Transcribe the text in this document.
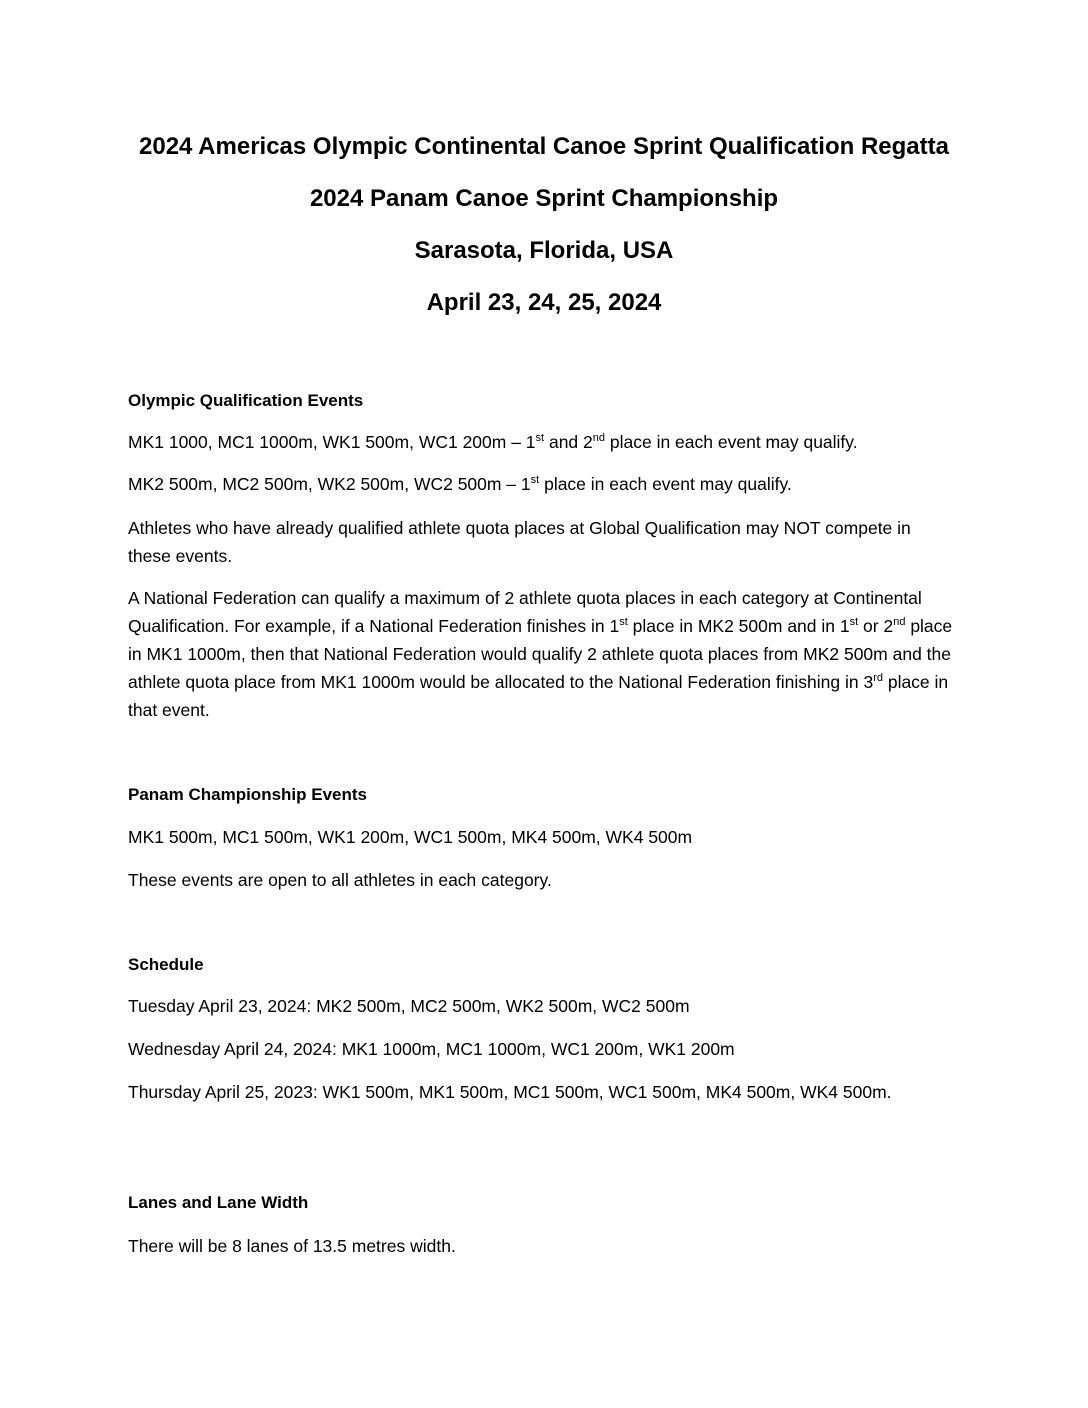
2024 Americas Olympic Continental Canoe Sprint Qualification Regatta
2024 Panam Canoe Sprint Championship
Sarasota, Florida, USA
April 23, 24, 25, 2024
Olympic Qualification Events
MK1 1000, MC1 1000m, WK1 500m, WC1 200m – 1st and 2nd place in each event may qualify.
MK2 500m, MC2 500m, WK2 500m, WC2 500m – 1st place in each event may qualify.
Athletes who have already qualified athlete quota places at Global Qualification may NOT compete in these events.
A National Federation can qualify a maximum of 2 athlete quota places in each category at Continental Qualification. For example, if a National Federation finishes in 1st place in MK2 500m and in 1st or 2nd place in MK1 1000m, then that National Federation would qualify 2 athlete quota places from MK2 500m and the athlete quota place from MK1 1000m would be allocated to the National Federation finishing in 3rd place in that event.
Panam Championship Events
MK1 500m, MC1 500m, WK1 200m, WC1 500m, MK4 500m, WK4 500m
These events are open to all athletes in each category.
Schedule
Tuesday April 23, 2024: MK2 500m, MC2 500m, WK2 500m, WC2 500m
Wednesday April 24, 2024: MK1 1000m, MC1 1000m, WC1 200m, WK1 200m
Thursday April 25, 2023: WK1 500m, MK1 500m, MC1 500m, WC1 500m, MK4 500m, WK4 500m.
Lanes and Lane Width
There will be 8 lanes of 13.5 metres width.
